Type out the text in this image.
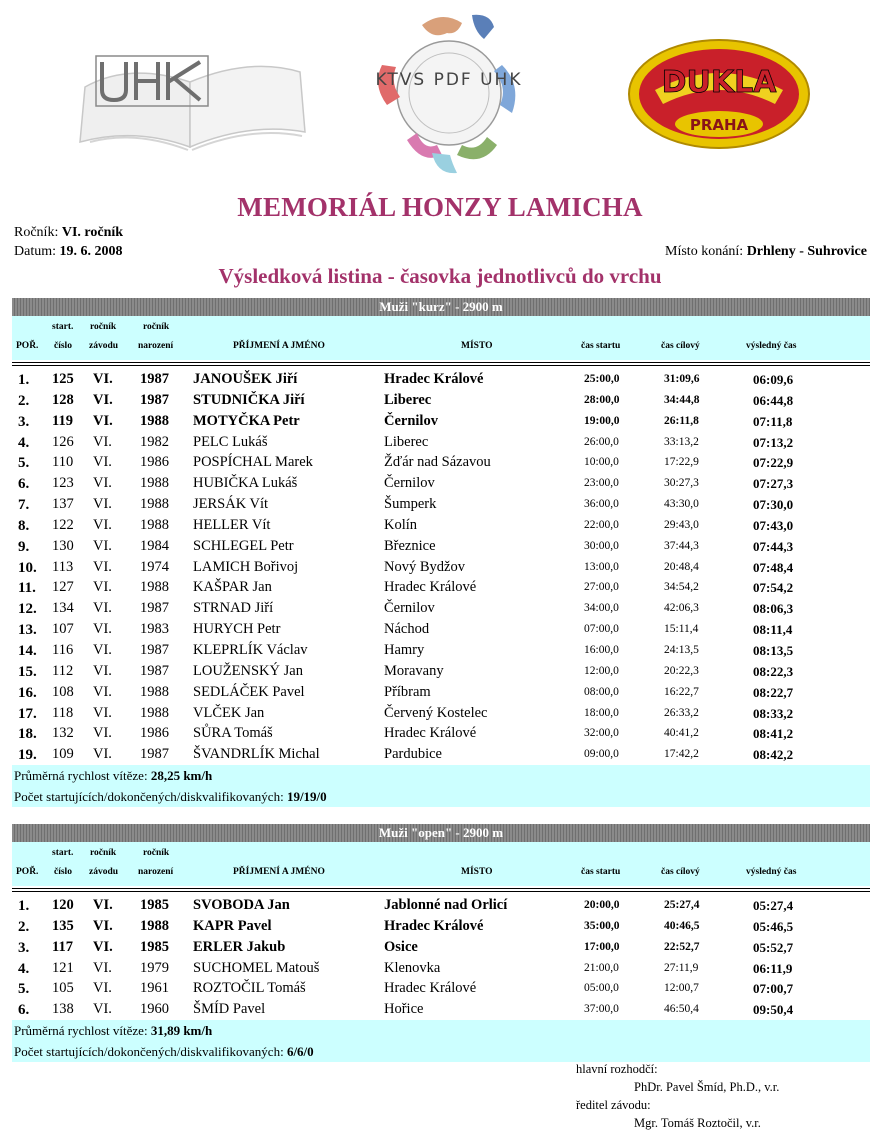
KTVS PDF UHK	DUKLA
PRAHA
MEMORIÁL HONZY LAMICHA
Ročník: VI. ročník
Datum: 19. 6. 2008	Místo konání: Drhleny - Suhrovice
Výsledková listina - časovka jednotlivců do vrchu
Muži "kurz" - 2900 m
POŘ.
start.
číslo
ročník
závodu
ročník
narození	PŘÍJMENÍ A JMÉNO	MÍSTO	čas startu	čas cílový	výsledný čas
1. 125 VI. 1987 JANOUŠEK Jiří	Hradec Králové	25:00,0	31:09,6	06:09,6
2. 128 VI. 1987 STUDNIČKA Jiří	Liberec	28:00,0	34:44,8	06:44,8
3. 119 VI. 1988 MOTYČKA Petr	Černilov	19:00,0	26:11,8	07:11,8
4. 126 VI. 1982 PELC Lukáš	Liberec	26:00,0	33:13,2	07:13,2
5. 110 VI. 1986 POSPÍCHAL Marek	Žďár nad Sázavou	10:00,0	17:22,9	07:22,9
6. 123 VI. 1988 HUBIČKA Lukáš	Černilov	23:00,0	30:27,3	07:27,3
7. 137 VI. 1988 JERSÁK Vít	Šumperk	36:00,0	43:30,0	07:30,0
8. 122 VI. 1988 HELLER Vít	Kolín	22:00,0	29:43,0	07:43,0
9. 130 VI. 1984 SCHLEGEL Petr	Březnice	30:00,0	37:44,3	07:44,3
10. 113 VI. 1974 LAMICH Bořivoj	Nový Bydžov	13:00,0	20:48,4	07:48,4
11. 127 VI. 1988 KAŠPAR Jan	Hradec Králové	27:00,0	34:54,2	07:54,2
12. 134 VI. 1987 STRNAD Jiří	Černilov	34:00,0	42:06,3	08:06,3
13. 107 VI. 1983 HURYCH Petr	Náchod	07:00,0	15:11,4	08:11,4
14. 116 VI. 1987 KLEPRLÍK Václav	Hamry	16:00,0	24:13,5	08:13,5
15. 112 VI. 1987 LOUŽENSKÝ Jan	Moravany	12:00,0	20:22,3	08:22,3
16. 108 VI. 1988 SEDLÁČEK Pavel	Příbram	08:00,0	16:22,7	08:22,7
17. 118 VI. 1988 VLČEK Jan	Červený Kostelec	18:00,0	26:33,2	08:33,2
18. 132 VI. 1986 SŮRA Tomáš	Hradec Králové	32:00,0	40:41,2	08:41,2
19. 109 VI. 1987 ŠVANDRLÍK Michal	Pardubice	09:00,0	17:42,2	08:42,2
Průměrná rychlost vítěze: 28,25 km/h
Počet startujících/dokončených/diskvalifikovaných: 19/19/0
Muži "open" - 2900 m
POŘ.
start.
číslo
ročník
závodu
ročník
narození	PŘÍJMENÍ A JMÉNO	MÍSTO	čas startu	čas cílový	výsledný čas
1. 120 VI. 1985 SVOBODA Jan	Jablonné nad Orlicí	20:00,0	25:27,4	05:27,4
2. 135 VI. 1988 KAPR Pavel	Hradec Králové	35:00,0	40:46,5	05:46,5
3. 117 VI. 1985 ERLER Jakub	Osice	17:00,0	22:52,7	05:52,7
4. 121 VI. 1979 SUCHOMEL Matouš	Klenovka	21:00,0	27:11,9	06:11,9
5. 105 VI. 1961 ROZTOČIL Tomáš	Hradec Králové	05:00,0	12:00,7	07:00,7
6. 138 VI. 1960 ŠMÍD Pavel	Hořice	37:00,0	46:50,4	09:50,4
Průměrná rychlost vítěze: 31,89 km/h
Počet startujících/dokončených/diskvalifikovaných: 6/6/0
hlavní rozhodčí:
PhDr. Pavel Šmíd, Ph.D., v.r.
ředitel závodu:
Mgr. Tomáš Roztočil, v.r.
